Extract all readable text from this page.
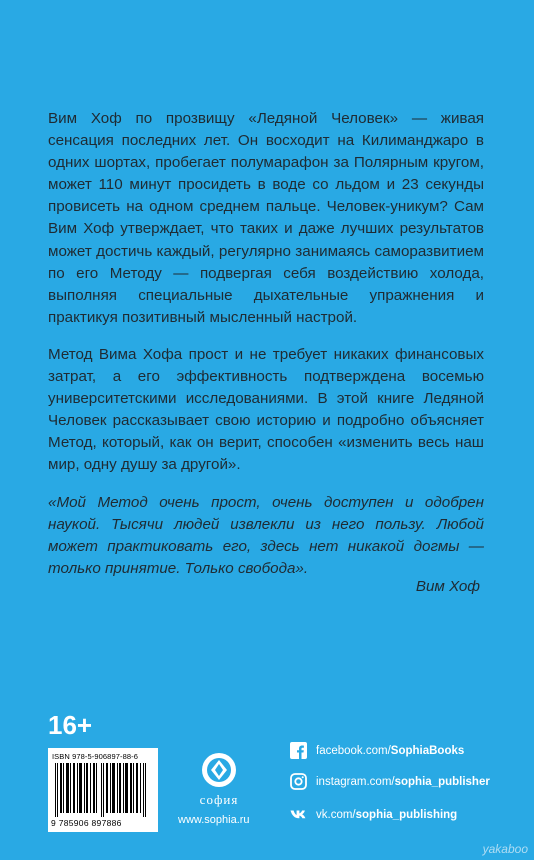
Вим Хоф по прозвищу «Ледяной Человек» — живая сенсация последних лет. Он восходит на Килиманджаро в одних шортах, пробегает полумарафон за Полярным кругом, может 110 минут просидеть в воде со льдом и 23 секунды провисеть на одном среднем пальце. Человек-уникум? Сам Вим Хоф утверждает, что таких и даже лучших результатов может достичь каждый, регулярно занимаясь саморазвитием по его Методу — подвергая себя воздействию холода, выполняя специальные дыхательные упражнения и практикуя позитивный мысленный настрой.

Метод Вима Хофа прост и не требует никаких финансовых затрат, а его эффективность подтверждена восемью университетскими исследованиями. В этой книге Ледяной Человек рассказывает свою историю и подробно объясняет Метод, который, как он верит, способен «изменить весь наш мир, одну душу за другой».

«Мой Метод очень прост, очень доступен и одобрен наукой. Тысячи людей извлекли из него пользу. Любой может практиковать его, здесь нет никакой догмы — только принятие. Только свобода».

Вим Хоф
16+
ISBN 978-5-906897-88-6
9 785906 897886
софия
www.sophia.ru
facebook.com/SophiaBooks
instagram.com/sophia_publisher
vk.com/sophia_publishing
yakaboo
